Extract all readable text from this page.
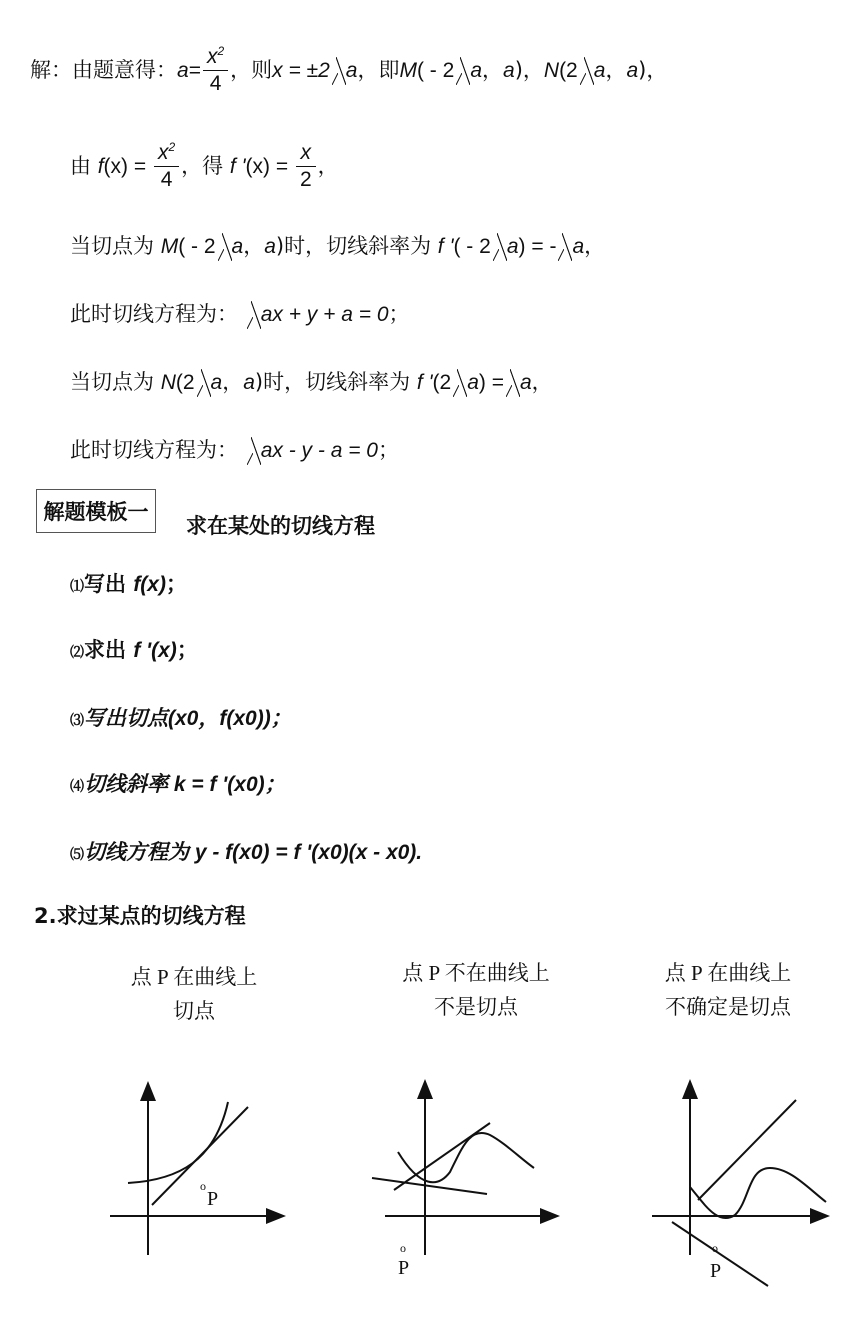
解：由题意得：$a= \frac{x^2}{4}$ ，则x = ±2 a，即M( - 2 a，a)，N(2 a，a)，
由 $f(x) = \frac{x^2}{4}$ ，得 f '$(x) = \frac{x}{2}$ ，
当切点为 M( - 2 a，a)时，切线斜率为 f '( - 2 a) = - a，
此时切线方程为： ax + y + a = 0；
当切点为 N(2 a，a)时，切线斜率为 f '(2 a) = a，
此时切线方程为： ax - y - a = 0；
解题模板一
求在某处的切线方程
⑴写出 f(x)；
⑵求出 f '(x)；
⑶写出切点(x0，f(x0))；
⑷切线斜率 k = f '(x0)；
⑸切线方程为 y - f(x0) = f '(x0)(x - x0).
2.求过某点的切线方程
点 P 在曲线上
切点
点 P 不在曲线上
不是切点
点 P 在曲线上
不确定是切点
o
P
o
P
o
P
